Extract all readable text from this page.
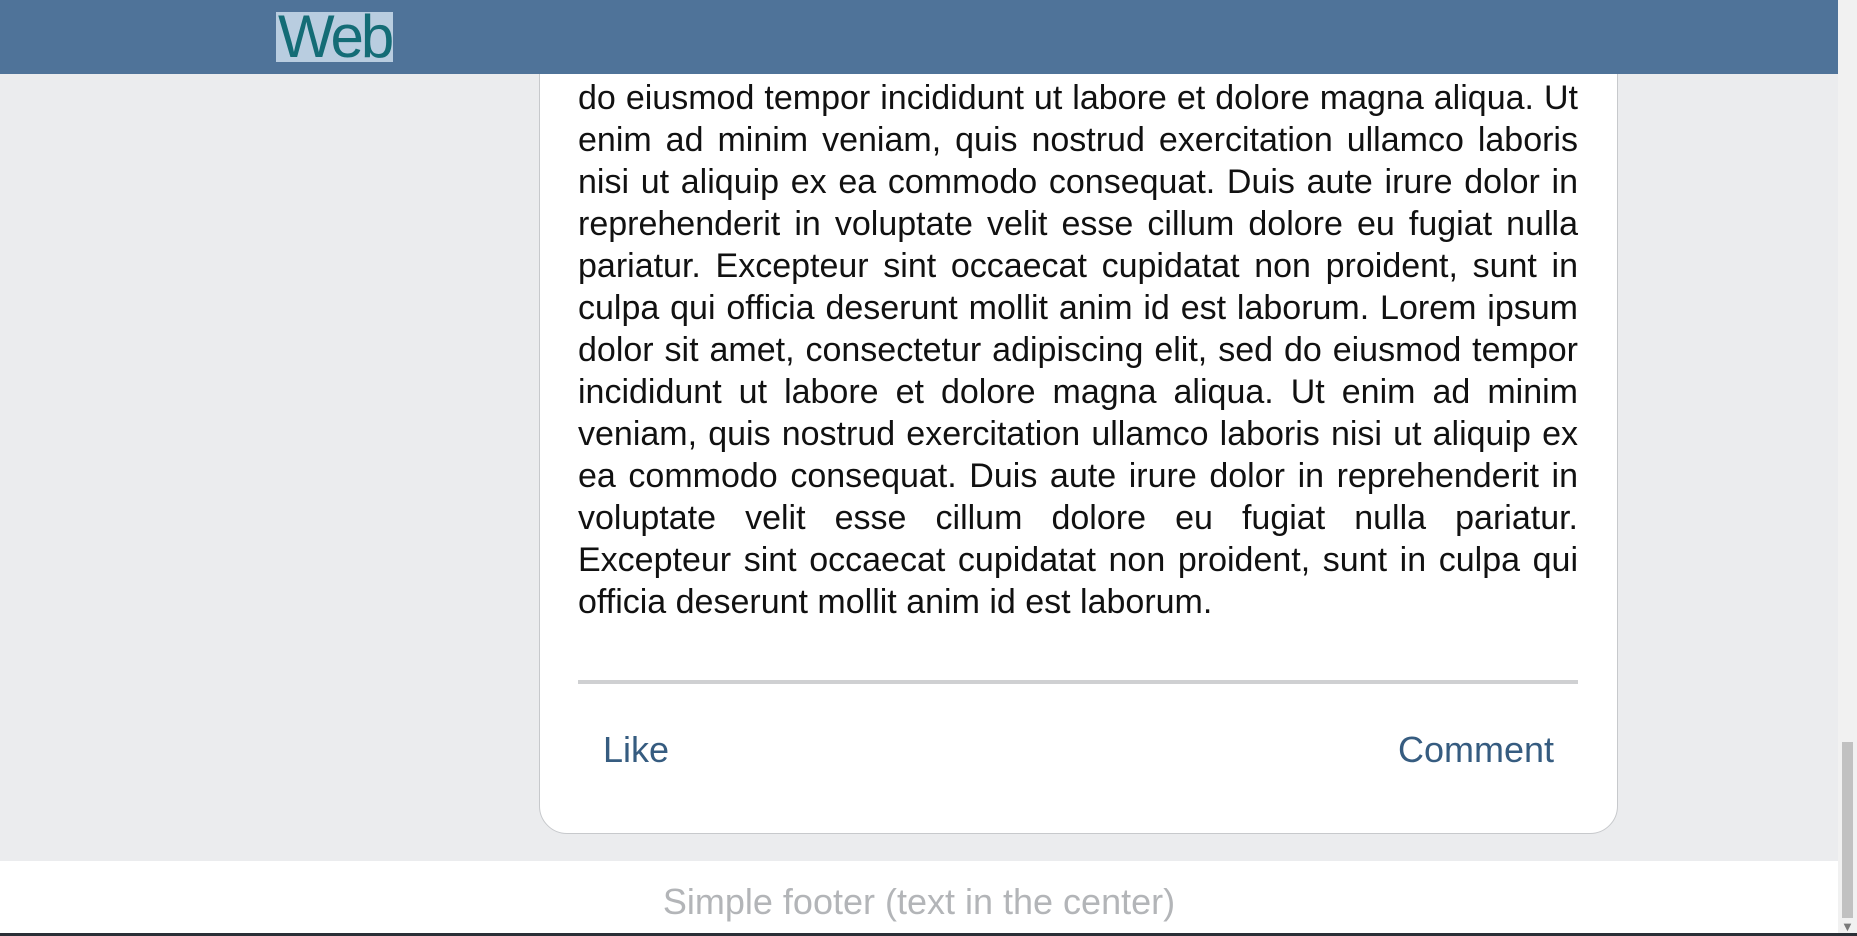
Web

do eiusmod tempor incididunt ut labore et dolore magna aliqua. Ut enim ad minim veniam, quis nostrud exercitation ullamco laboris nisi ut aliquip ex ea commodo consequat. Duis aute irure dolor in reprehenderit in voluptate velit esse cillum dolore eu fugiat nulla pariatur. Excepteur sint occaecat cupidatat non proident, sunt in culpa qui officia deserunt mollit anim id est laborum. Lorem ipsum dolor sit amet, consectetur adipiscing elit, sed do eiusmod tempor incididunt ut labore et dolore magna aliqua. Ut enim ad minim veniam, quis nostrud exercitation ullamco laboris nisi ut aliquip ex ea commodo consequat. Duis aute irure dolor in reprehenderit in voluptate velit esse cillum dolore eu fugiat nulla pariatur. Excepteur sint occaecat cupidatat non proident, sunt in culpa qui officia deserunt mollit anim id est laborum.

Like	Comment
Simple footer (text in the center)
▼
